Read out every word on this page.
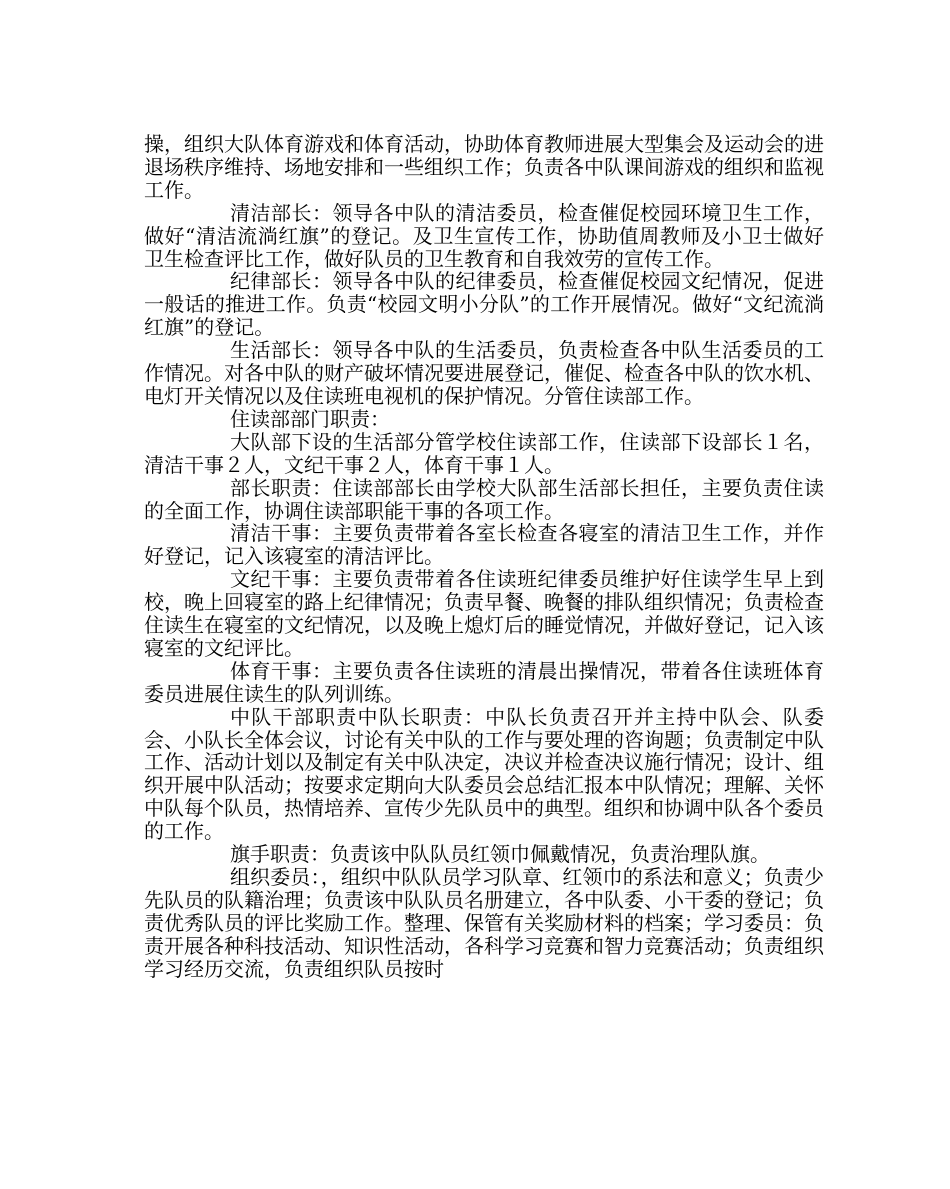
操，组织大队体育游戏和体育活动，协助体育教师进展大型集会及运动会的进退场秩序维持、场地安排和一些组织工作；负责各中队课间游戏的组织和监视工作。

清洁部长：领导各中队的清洁委员，检查催促校园环境卫生工作，做好“清洁流淌红旗”的登记。及卫生宣传工作，协助值周教师及小卫士做好卫生检查评比工作，做好队员的卫生教育和自我效劳的宣传工作。

纪律部长：领导各中队的纪律委员，检查催促校园文纪情况，促进一般话的推进工作。负责“校园文明小分队”的工作开展情况。做好“文纪流淌红旗”的登记。

生活部长：领导各中队的生活委员，负责检查各中队生活委员的工作情况。对各中队的财产破坏情况要进展登记，催促、检查各中队的饮水机、电灯开关情况以及住读班电视机的保护情况。分管住读部工作。

住读部部门职责：

大队部下设的生活部分管学校住读部工作，住读部下设部长１名，清洁干事２人，文纪干事２人，体育干事１人。

部长职责：住读部部长由学校大队部生活部长担任，主要负责住读的全面工作，协调住读部职能干事的各项工作。

清洁干事：主要负责带着各室长检查各寝室的清洁卫生工作，并作好登记，记入该寝室的清洁评比。

文纪干事：主要负责带着各住读班纪律委员维护好住读学生早上到校，晚上回寝室的路上纪律情况；负责早餐、晚餐的排队组织情况；负责检查住读生在寝室的文纪情况，以及晚上熄灯后的睡觉情况，并做好登记，记入该寝室的文纪评比。

体育干事：主要负责各住读班的清晨出操情况，带着各住读班体育委员进展住读生的队列训练。

中队干部职责中队长职责：中队长负责召开并主持中队会、队委会、小队长全体会议，讨论有关中队的工作与要处理的咨询题；负责制定中队工作、活动计划以及制定有关中队决定，决议并检查决议施行情况；设计、组织开展中队活动；按要求定期向大队委员会总结汇报本中队情况；理解、关怀中队每个队员，热情培养、宣传少先队员中的典型。组织和协调中队各个委员的工作。

旗手职责：负责该中队队员红领巾佩戴情况，负责治理队旗。

组织委员：，组织中队队员学习队章、红领巾的系法和意义；负责少先队员的队籍治理；负责该中队队员名册建立，各中队委、小干委的登记；负责优秀队员的评比奖励工作。整理、保管有关奖励材料的档案；学习委员：负责开展各种科技活动、知识性活动，各科学习竞赛和智力竞赛活动；负责组织学习经历交流，负责组织队员按时
